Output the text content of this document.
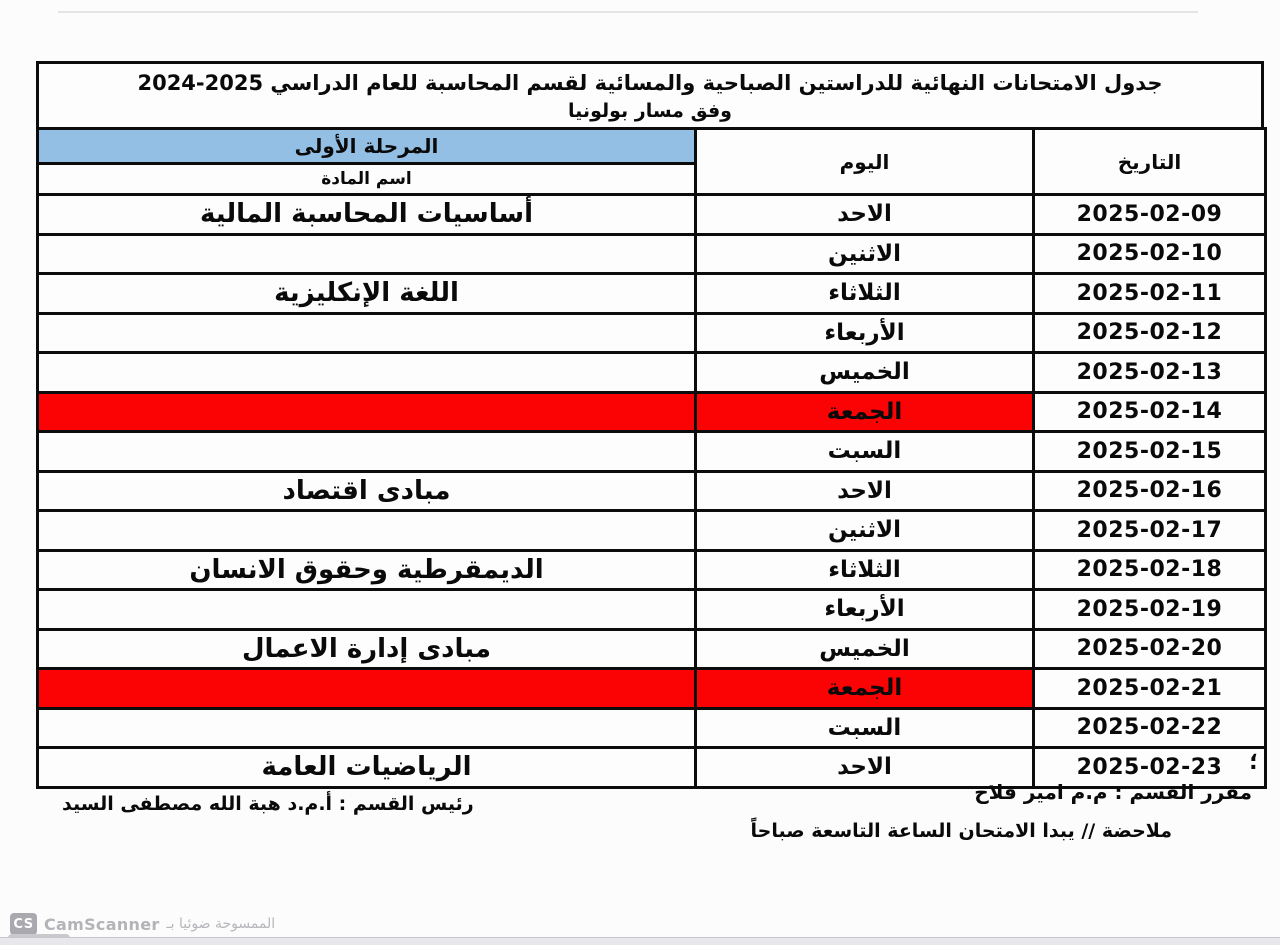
جدول الامتحانات النهائية للدراستين الصباحية والمسائية لقسم المحاسبة للعام الدراسي 2025-2024
وفق مسار بولونيا
المرحلة الأولى	اليوم	التاريخ
اسم المادة		
أساسيات المحاسبة المالية	الاحد	2025-02-09
	الاثنين	2025-02-10
اللغة الإنكليزية	الثلاثاء	2025-02-11
	الأربعاء	2025-02-12
	الخميس	2025-02-13
	الجمعة	2025-02-14
	السبت	2025-02-15
مبادى اقتصاد	الاحد	2025-02-16
	الاثنين	2025-02-17
الديمقرطية وحقوق الانسان	الثلاثاء	2025-02-18
	الأربعاء	2025-02-19
مبادى إدارة الاعمال	الخميس	2025-02-20
	الجمعة	2025-02-21
	السبت	2025-02-22
الرياضيات العامة	الاحد	2025-02-23 ؛
مقرر القسم : م.م امير فلاح
ملاحضة // يبدا الامتحان الساعة التاسعة صباحاً
رئيس القسم : أ.م.د هبة الله مصطفى السيد
CS CamScanner الممسوحة ضوئيا بـ
